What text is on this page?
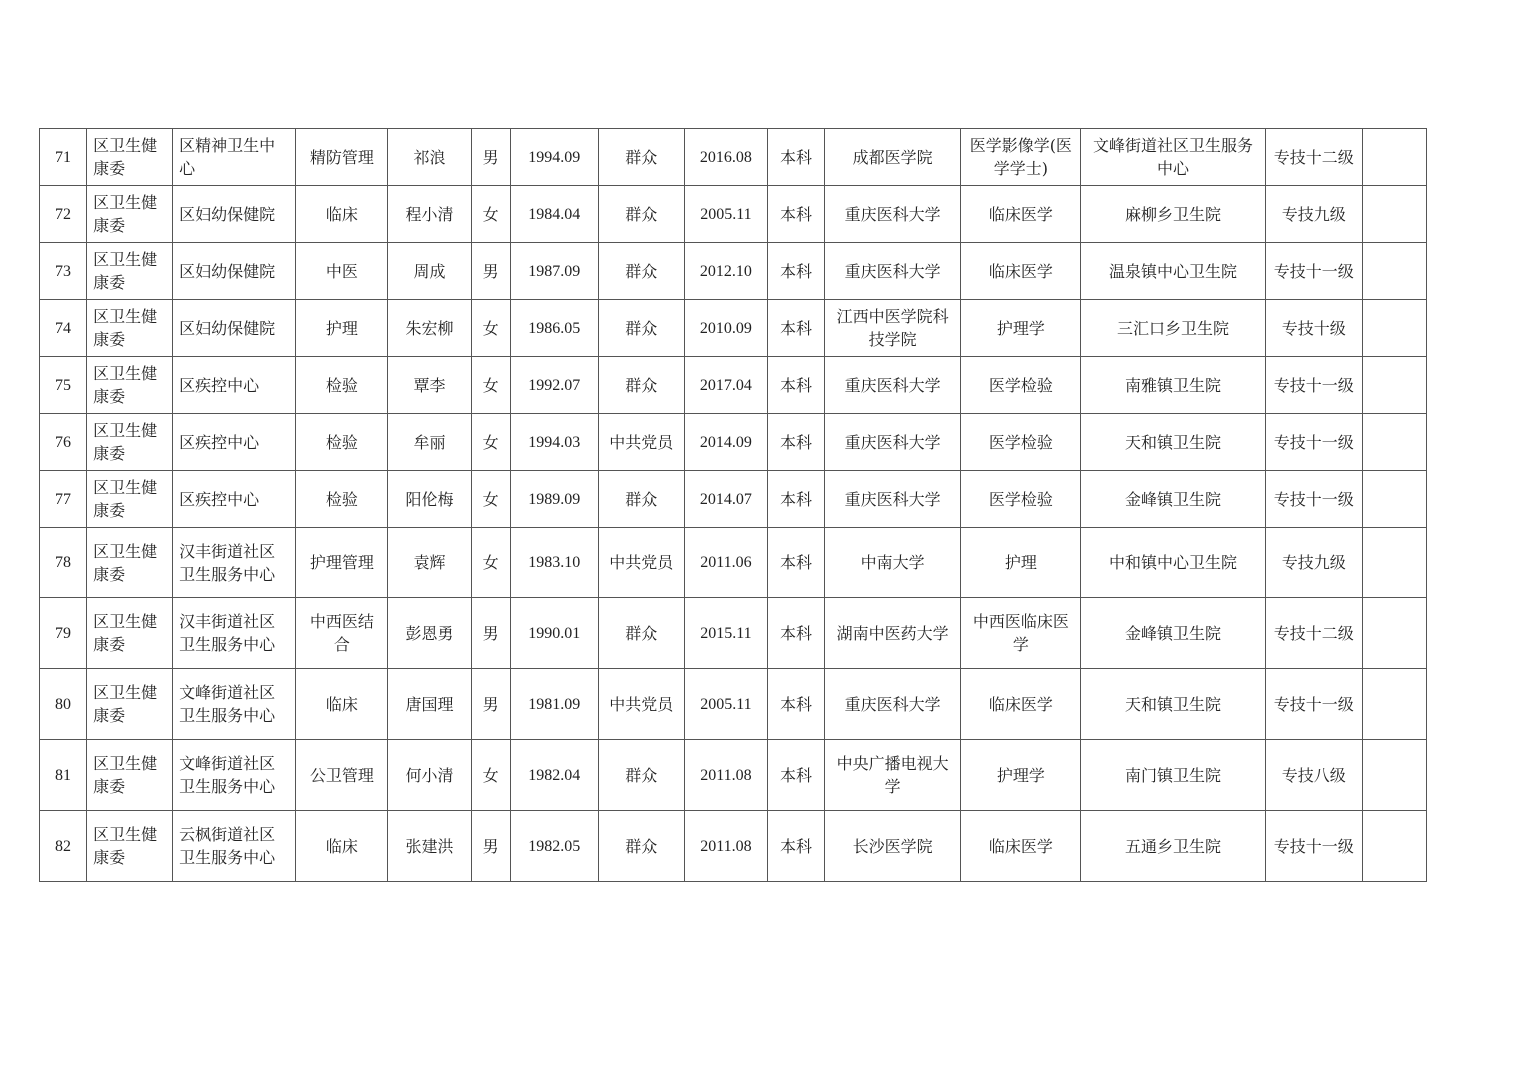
71	区卫生健康委	区精神卫生中心	精防管理	祁浪	男	1994.09	群众	2016.08	本科	成都医学院	医学影像学(医学学士)	文峰街道社区卫生服务中心	专技十二级	
72	区卫生健康委	区妇幼保健院	临床	程小清	女	1984.04	群众	2005.11	本科	重庆医科大学	临床医学	麻柳乡卫生院	专技九级	
73	区卫生健康委	区妇幼保健院	中医	周成	男	1987.09	群众	2012.10	本科	重庆医科大学	临床医学	温泉镇中心卫生院	专技十一级	
74	区卫生健康委	区妇幼保健院	护理	朱宏柳	女	1986.05	群众	2010.09	本科	江西中医学院科技学院	护理学	三汇口乡卫生院	专技十级	
75	区卫生健康委	区疾控中心	检验	覃李	女	1992.07	群众	2017.04	本科	重庆医科大学	医学检验	南雅镇卫生院	专技十一级	
76	区卫生健康委	区疾控中心	检验	牟丽	女	1994.03	中共党员	2014.09	本科	重庆医科大学	医学检验	天和镇卫生院	专技十一级	
77	区卫生健康委	区疾控中心	检验	阳伦梅	女	1989.09	群众	2014.07	本科	重庆医科大学	医学检验	金峰镇卫生院	专技十一级	
78	区卫生健康委	汉丰街道社区卫生服务中心	护理管理	袁辉	女	1983.10	中共党员	2011.06	本科	中南大学	护理	中和镇中心卫生院	专技九级	
79	区卫生健康委	汉丰街道社区卫生服务中心	中西医结合	彭恩勇	男	1990.01	群众	2015.11	本科	湖南中医药大学	中西医临床医学	金峰镇卫生院	专技十二级	
80	区卫生健康委	文峰街道社区卫生服务中心	临床	唐国理	男	1981.09	中共党员	2005.11	本科	重庆医科大学	临床医学	天和镇卫生院	专技十一级	
81	区卫生健康委	文峰街道社区卫生服务中心	公卫管理	何小清	女	1982.04	群众	2011.08	本科	中央广播电视大学	护理学	南门镇卫生院	专技八级	
82	区卫生健康委	云枫街道社区卫生服务中心	临床	张建洪	男	1982.05	群众	2011.08	本科	长沙医学院	临床医学	五通乡卫生院	专技十一级	
